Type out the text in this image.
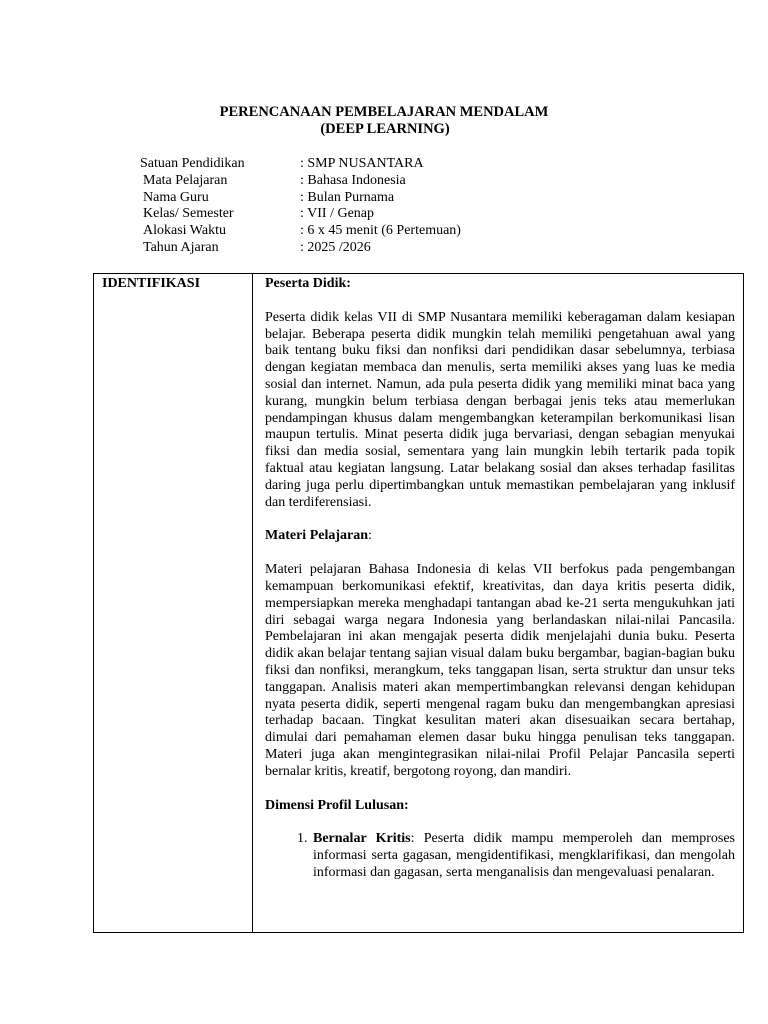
PERENCANAAN PEMBELAJARAN MENDALAM
(DEEP LEARNING)
Satuan Pendidikan	: SMP NUSANTARA
Mata Pelajaran	: Bahasa Indonesia
Nama Guru	: Bulan Purnama
Kelas/ Semester	: VII / Genap
Alokasi Waktu	: 6 x 45 menit (6 Pertemuan)
Tahun Ajaran	: 2025 /2026
IDENTIFIKASI	Peserta Didik:

Peserta didik kelas VII di SMP Nusantara memiliki keberagaman dalam kesiapan belajar. Beberapa peserta didik mungkin telah memiliki pengetahuan awal yang baik tentang buku fiksi dan nonfiksi dari pendidikan dasar sebelumnya, terbiasa dengan kegiatan membaca dan menulis, serta memiliki akses yang luas ke media sosial dan internet. Namun, ada pula peserta didik yang memiliki minat baca yang kurang, mungkin belum terbiasa dengan berbagai jenis teks atau memerlukan pendampingan khusus dalam mengembangkan keterampilan berkomunikasi lisan maupun tertulis. Minat peserta didik juga bervariasi, dengan sebagian menyukai fiksi dan media sosial, sementara yang lain mungkin lebih tertarik pada topik faktual atau kegiatan langsung. Latar belakang sosial dan akses terhadap fasilitas daring juga perlu dipertimbangkan untuk memastikan pembelajaran yang inklusif dan terdiferensiasi.

Materi Pelajaran:

Materi pelajaran Bahasa Indonesia di kelas VII berfokus pada pengembangan kemampuan berkomunikasi efektif, kreativitas, dan daya kritis peserta didik, mempersiapkan mereka menghadapi tantangan abad ke-21 serta mengukuhkan jati diri sebagai warga negara Indonesia yang berlandaskan nilai-nilai Pancasila. Pembelajaran ini akan mengajak peserta didik menjelajahi dunia buku. Peserta didik akan belajar tentang sajian visual dalam buku bergambar, bagian-bagian buku fiksi dan nonfiksi, merangkum, teks tanggapan lisan, serta struktur dan unsur teks tanggapan. Analisis materi akan mempertimbangkan relevansi dengan kehidupan nyata peserta didik, seperti mengenal ragam buku dan mengembangkan apresiasi terhadap bacaan. Tingkat kesulitan materi akan disesuaikan secara bertahap, dimulai dari pemahaman elemen dasar buku hingga penulisan teks tanggapan. Materi juga akan mengintegrasikan nilai-nilai Profil Pelajar Pancasila seperti bernalar kritis, kreatif, bergotong royong, dan mandiri.

Dimensi Profil Lulusan:

1. Bernalar Kritis: Peserta didik mampu memperoleh dan memproses informasi serta gagasan, mengidentifikasi, mengklarifikasi, dan mengolah informasi dan gagasan, serta menganalisis dan mengevaluasi penalaran.
